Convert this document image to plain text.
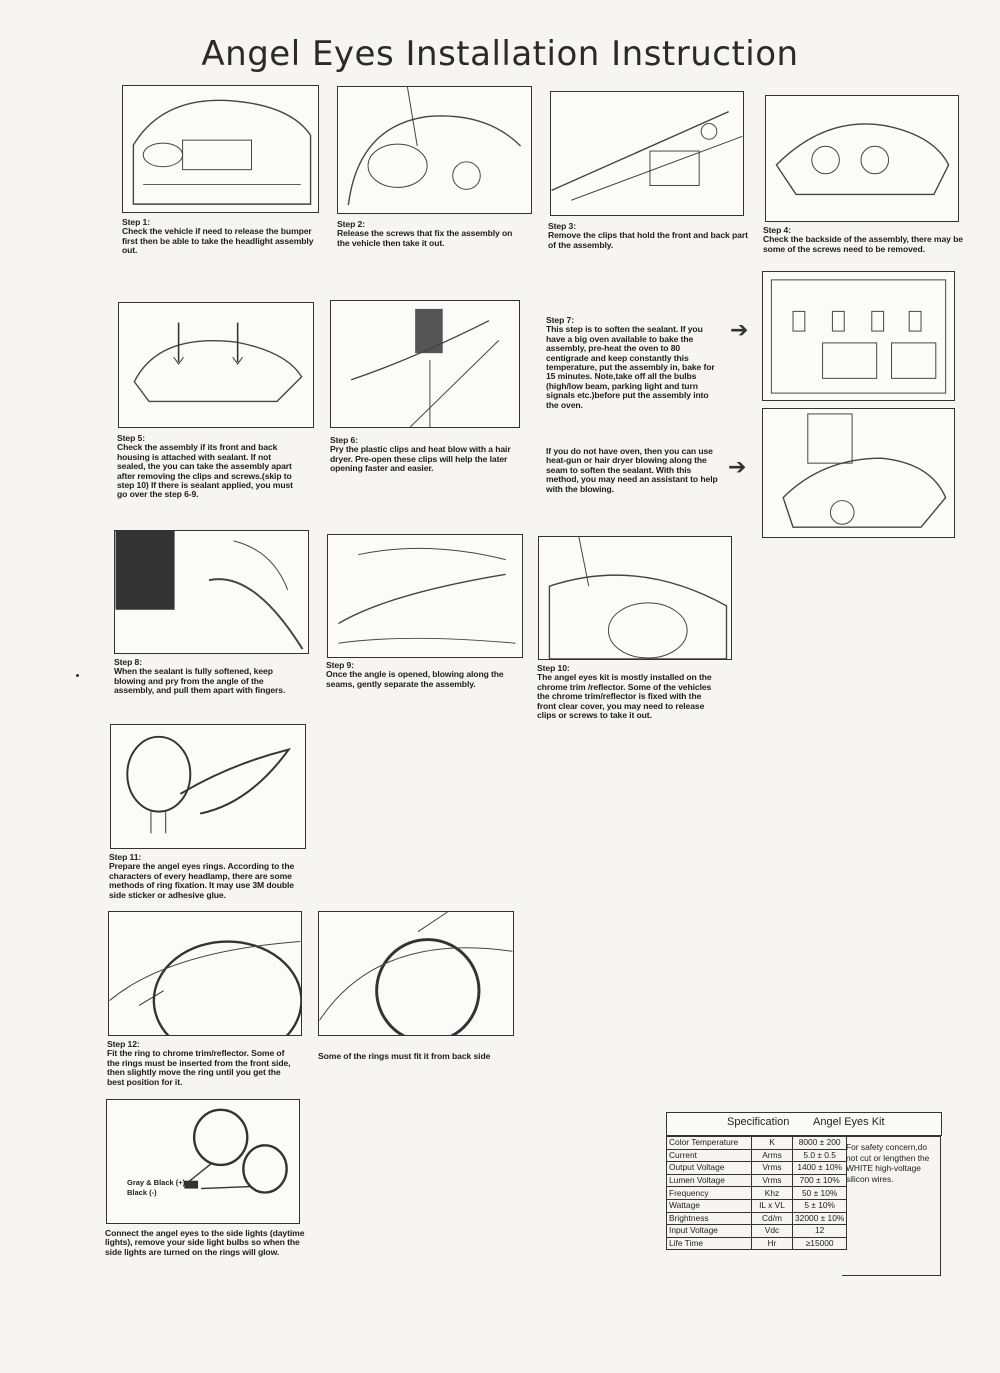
Angel Eyes Installation Instruction
Step 1:
Check the vehicle if need to release the bumper first then be able to take the headlight assembly out.
Step 2:
Release the screws that fix the assembly on the vehicle then take it out.
Step 3:
Remove the clips that hold the front and back part of the assembly.
Step 4:
Check the backside of the assembly, there may be some of the screws need to be removed.
Step 7:
This step is to soften the sealant. If you have a big oven available to bake the assembly, pre-heat the oven to 80 centigrade and keep constantly this temperature, put the assembly in, bake for 15 minutes. Note,take off all the bulbs (high/low beam, parking light and turn signals etc.)before put the assembly into the oven.
➔
Step 5:
Check the assembly if its front and back housing is attached with sealant. If not sealed, the you can take the assembly apart after removing the clips and screws.(skip to step 10) If there is sealant applied, you must go over the step 6-9.
Step 6:
Pry the plastic clips and heat blow with a hair dryer. Pre-open these clips will help the later opening faster and easier.
If you do not have oven, then you can use heat-gun or hair dryer blowing along the seam to soften the sealant. With this method, you may need an assistant to help with the blowing.
➔
Step 8:
When the sealant is fully softened, keep blowing and pry from the angle of the assembly, and pull them apart with fingers.
Step 9:
Once the angle is opened, blowing along the seams, gently separate the assembly.
Step 10:
The angel eyes kit is mostly installed on the chrome trim /reflector. Some of the vehicles the chrome trim/reflector is fixed with the front clear cover, you may need to release clips or screws to take it out.
Step 11:
Prepare the angel eyes rings. According to the characters of every headlamp, there are some methods of ring fixation. It may use 3M double side sticker or adhesive glue.
Step 12:
Fit the ring to chrome trim/reflector. Some of the rings must be inserted from the front side, then slightly move the ring until you get the best position for it.
Some of the rings must fit it from back side
Gray & Black (+)
Black (-)
Connect the angel eyes to the side lights (daytime lights), remove your side light bulbs so when the side lights are turned on the rings will glow.
Specification Angel Eyes Kit
Color Temperature	K	8000 ± 200
Current	Arms	5.0 ± 0.5
Output Voltage	Vrms	1400 ± 10%
Lumen Voltage	Vrms	700 ± 10%
Frequency	Khz	50 ± 10%
Wattage	IL x VL	5 ± 10%
Brightness	Cd/m	32000 ± 10%
Input Voltage	Vdc	12
Life Time	Hr	≥15000
For safety concern,do not cut or lengthen the WHITE high-voltage silicon wires.
